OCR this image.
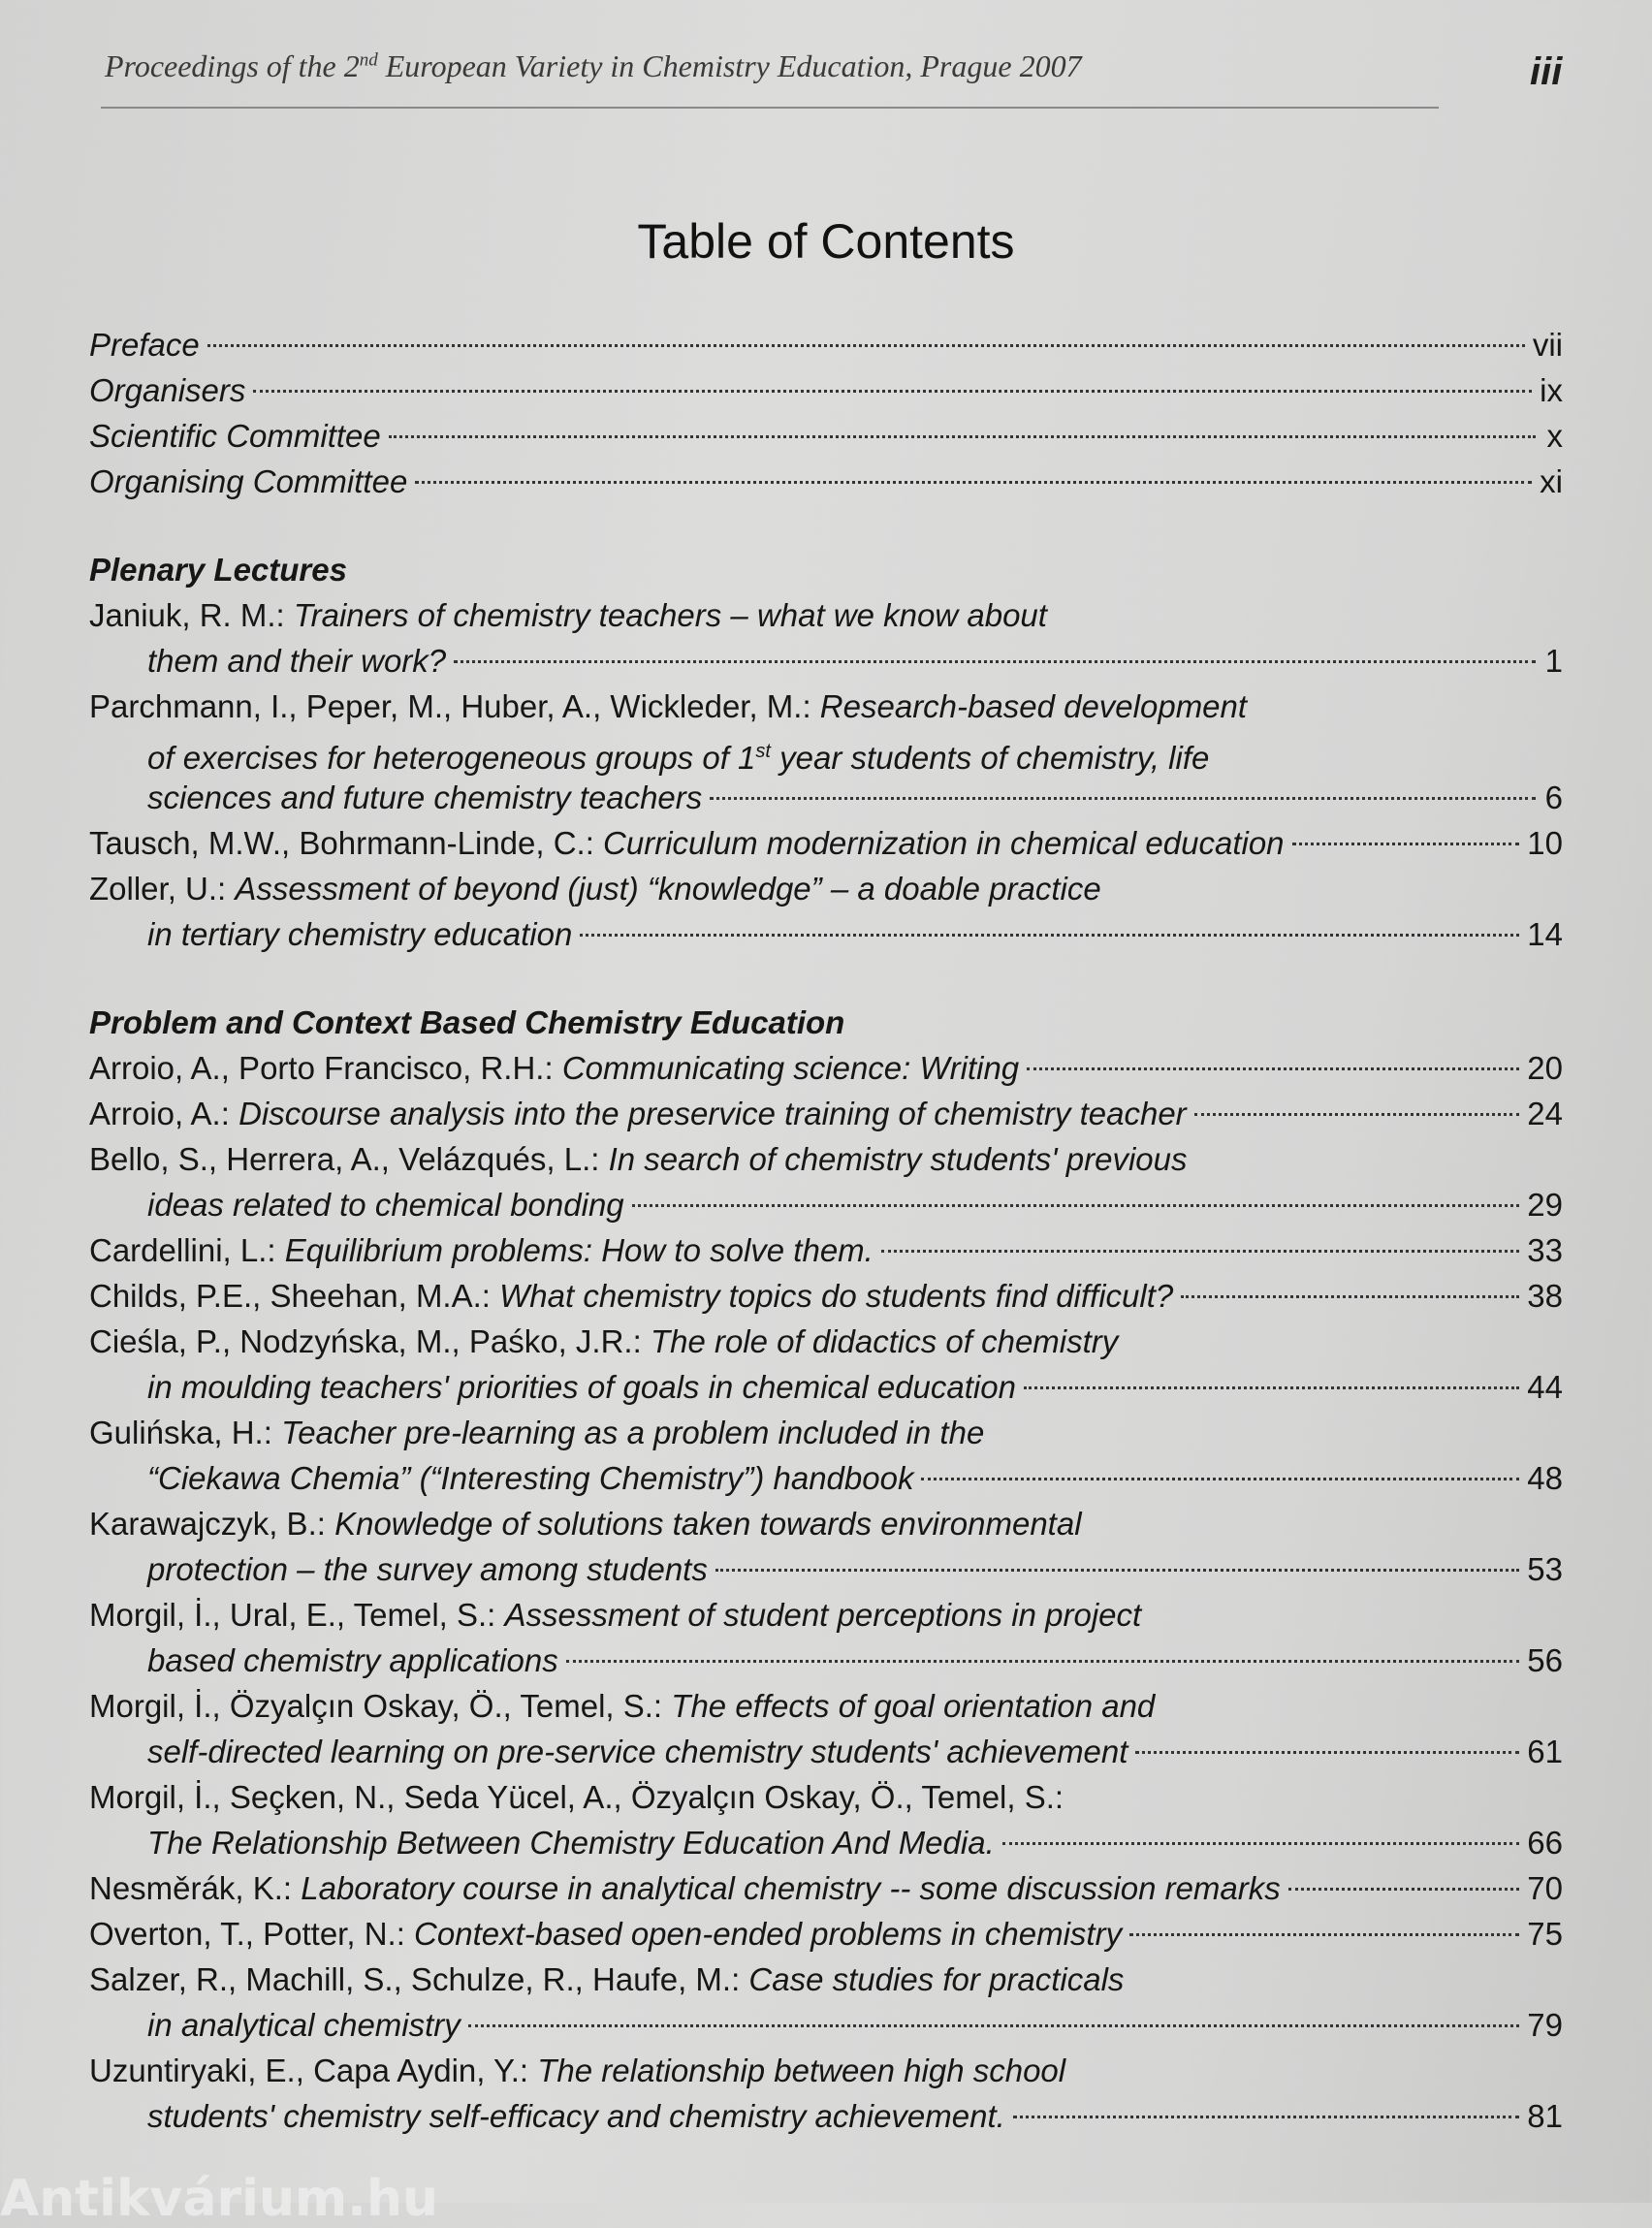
Proceedings of the 2nd European Variety in Chemistry Education, Prague 2007	iii
Table of Contents
Preface	vii
Organisers	ix
Scientific Committee	x
Organising Committee	xi
Plenary Lectures
Janiuk, R. M.: Trainers of chemistry teachers – what we know about
them and their work?	1
Parchmann, I., Peper, M., Huber, A., Wickleder, M.: Research-based development
of exercises for heterogeneous groups of 1st year students of chemistry, life
sciences and future chemistry teachers	6
Tausch, M.W., Bohrmann-Linde, C.: Curriculum modernization in chemical education	10
Zoller, U.: Assessment of beyond (just) “knowledge” – a doable practice
in tertiary chemistry education	14
Problem and Context Based Chemistry Education
Arroio, A., Porto Francisco, R.H.: Communicating science: Writing	20
Arroio, A.: Discourse analysis into the preservice training of chemistry teacher	24
Bello, S., Herrera, A., Velázqués, L.: In search of chemistry students' previous
ideas related to chemical bonding	29
Cardellini, L.: Equilibrium problems: How to solve them.	33
Childs, P.E., Sheehan, M.A.: What chemistry topics do students find difficult?	38
Cieśla, P., Nodzyńska, M., Paśko, J.R.: The role of didactics of chemistry
in moulding teachers' priorities of goals in chemical education	44
Gulińska, H.: Teacher pre-learning as a problem included in the
“Ciekawa Chemia” (“Interesting Chemistry”) handbook	48
Karawajczyk, B.: Knowledge of solutions taken towards environmental
protection – the survey among students	53
Morgil, İ., Ural, E., Temel, S.: Assessment of student perceptions in project
based chemistry applications	56
Morgil, İ., Özyalçın Oskay, Ö., Temel, S.: The effects of goal orientation and
self-directed learning on pre-service chemistry students' achievement	61
Morgil, İ., Seçken, N., Seda Yücel, A., Özyalçın Oskay, Ö., Temel, S.:
The Relationship Between Chemistry Education And Media.	66
Nesměrák, K.: Laboratory course in analytical chemistry -- some discussion remarks	70
Overton, T., Potter, N.: Context-based open-ended problems in chemistry	75
Salzer, R., Machill, S., Schulze, R., Haufe, M.: Case studies for practicals
in analytical chemistry	79
Uzuntiryaki, E., Capa Aydin, Y.: The relationship between high school
students' chemistry self-efficacy and chemistry achievement.	81
Antikvárium.hu
